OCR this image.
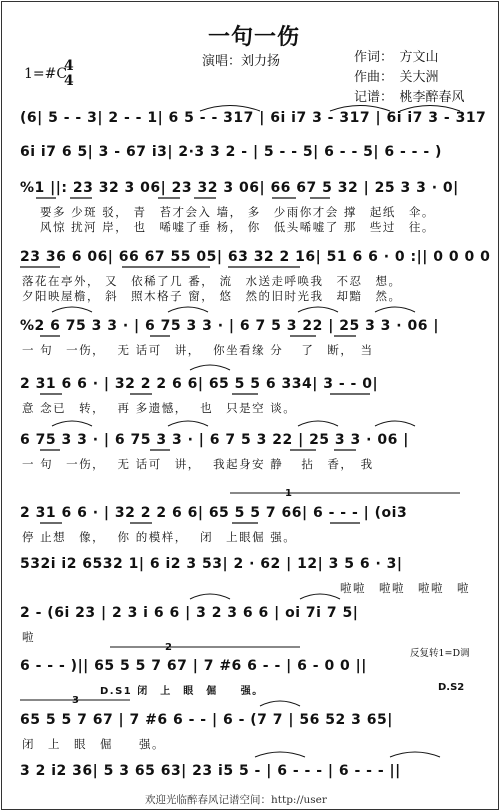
一句一伤
演唱：刘力扬	作词：　方文山
作曲：　关大洲
记谱：　桃李醉春风
1=#C
4
4
(6| 5 - - 3| 2 - - 1| 6 5 - - 317 | 6i i7 3 - 317 | 6i i7 3 - 317
6i i7 6 5| 3 - 67 i3| 2·3 3 2 - | 5 - - 5| 6 - - 5| 6 - - - )
%1 ||: 23 32 3 06| 23 32 3 06| 66 67 5 32 | 25 3 3 · 0|
要多 少斑 驳， 青　苔才会入 墙， 多　少雨你才会 撑　起纸　伞。
风惊 扰河 岸， 也　唏嘘了垂 杨， 你　低头唏嘘了 那　些过　往。
23 36 6 06| 66 67 55 05| 63 32 2 16| 51 6 6 · 0 :|| 0 0 0 0
落花在亭外， 又　依稀了几 番， 流　水送走呼唤我　不忍　想。
夕阳映屋檐， 斜　照木格子 窗， 悠　然的旧时光我　却黯　然。
%2 6 75 3 3 · | 6 75 3 3 · | 6 7 5 3 22 | 25 3 3 · 06 |
一 句　一伤，　 无 话可　讲，　 你坐看缘 分　 了　断，　当
2 31 6 6 · | 32 2 2 6 6| 65 5 5 6 334| 3 - - 0|
意 念已　转，　 再 多遗憾，　 也　只是空 谈。
6 75 3 3 · | 6 75 3 3 · | 6 7 5 3 22 | 25 3 3 · 06 |
一 句　一伤，　 无 话可　讲，　 我起身安 静　 拈　香，　我
2 31 6 6 · | 32 2 2 6 6| 65 5 5 7 66| 6 - - - | (oi3
停 止想　像，　 你 的模样，　 闭　上眼倔 强。
532i i2 6532 1| 6 i2 3 53| 2 · 62 | 12| 3 5 6 · 3|
啦啦　啦啦　啦啦　啦
2 - (6i 23 | 2 3 i 6 6 | 3 2 3 6 6 | oi 7i 7 5|
啦
反复转1=D调
6 - - - )|| 65 5 5 7 67 | 7 #6 6 - - | 6 - 0 0 ||
D.S1 闭　上　眼　倔　　强。	D.S2
65 5 5 7 67 | 7 #6 6 - - | 6 - (7 7 | 56 52 3 65|
闭　上　眼　倔　　强。
3 2 i2 36| 5 3 65 63| 23 i5 5 - | 6 - - - | 6 - - - ||
1
2
3
欢迎光临醉春风记谱空间：http://user
